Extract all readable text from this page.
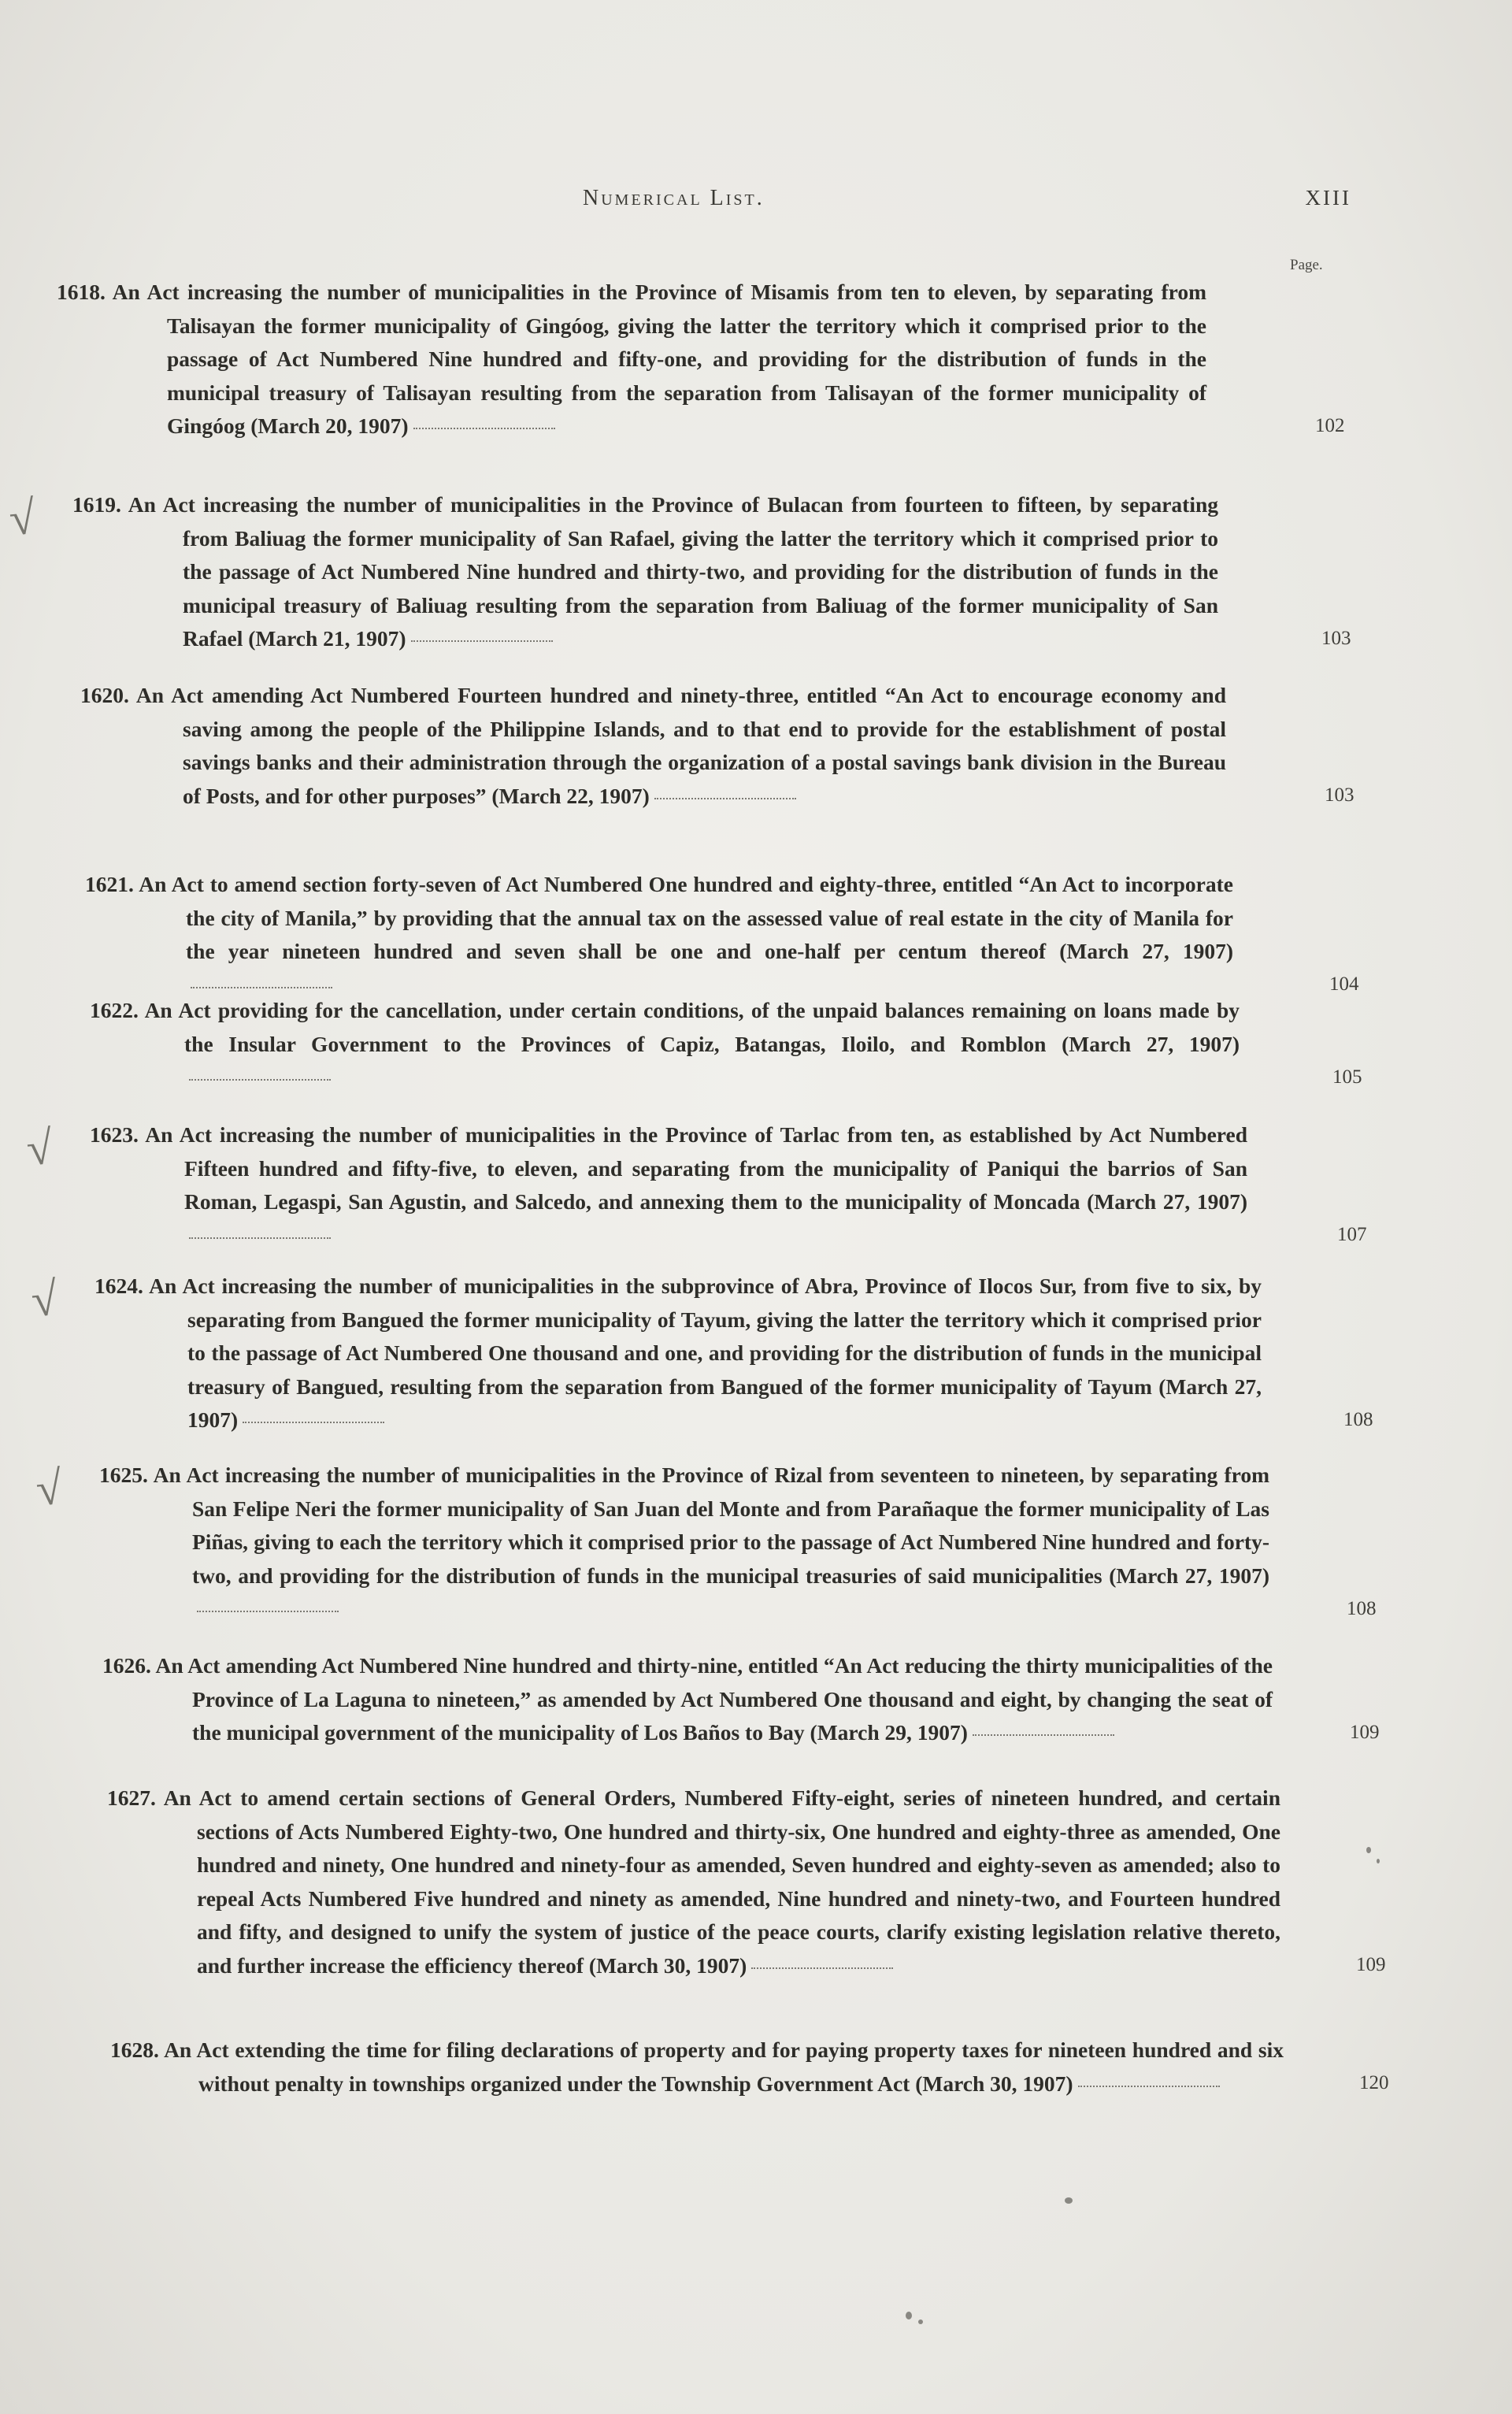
Numerical List.	XIII
Page.
1618. An Act increasing the number of municipalities in the Province of Misamis from ten to eleven, by separating from Talisayan the former municipality of Gingóog, giving the latter the territory which it comprised prior to the passage of Act Numbered Nine hundred and fifty-one, and providing for the distribution of funds in the municipal treasury of Talisayan resulting from the separation from Talisayan of the former municipality of Gingóog (March 20, 1907)	102
1619. An Act increasing the number of municipalities in the Province of Bulacan from fourteen to fifteen, by separating from Baliuag the former municipality of San Rafael, giving the latter the territory which it comprised prior to the passage of Act Numbered Nine hundred and thirty-two, and providing for the distribution of funds in the municipal treasury of Baliuag resulting from the separation from Baliuag of the former municipality of San Rafael (March 21, 1907)	103
√
1620. An Act amending Act Numbered Fourteen hundred and ninety-three, entitled “An Act to encourage economy and saving among the people of the Philippine Islands, and to that end to provide for the establishment of postal savings banks and their administration through the organization of a postal savings bank division in the Bureau of Posts, and for other purposes” (March 22, 1907)	103
1621. An Act to amend section forty-seven of Act Numbered One hundred and eighty-three, entitled “An Act to incorporate the city of Manila,” by providing that the annual tax on the assessed value of real estate in the city of Manila for the year nineteen hundred and seven shall be one and one-half per centum thereof (March 27, 1907)
104
1622. An Act providing for the cancellation, under certain conditions, of the unpaid balances remaining on loans made by the Insular Government to the Provinces of Capiz, Batangas, Iloilo, and Romblon (March 27, 1907)
105
1623. An Act increasing the number of municipalities in the Province of Tarlac from ten, as established by Act Numbered Fifteen hundred and fifty-five, to eleven, and separating from the municipality of Paniqui the barrios of San Roman, Legaspi, San Agustin, and Salcedo, and annexing them to the municipality of Moncada (March 27, 1907)
107
√
1624. An Act increasing the number of municipalities in the subprovince of Abra, Province of Ilocos Sur, from five to six, by separating from Bangued the former municipality of Tayum, giving the latter the territory which it comprised prior to the passage of Act Numbered One thousand and one, and providing for the distribution of funds in the municipal treasury of Bangued, resulting from the separation from Bangued of the former municipality of Tayum (March 27, 1907)	108
√
1625. An Act increasing the number of municipalities in the Province of Rizal from seventeen to nineteen, by separating from San Felipe Neri the former municipality of San Juan del Monte and from Parañaque the former municipality of Las Piñas, giving to each the territory which it comprised prior to the passage of Act Numbered Nine hundred and forty-two, and providing for the distribution of funds in the municipal treasuries of said municipalities (March 27, 1907)
108
√
1626. An Act amending Act Numbered Nine hundred and thirty-nine, entitled “An Act reducing the thirty municipalities of the Province of La Laguna to nineteen,” as amended by Act Numbered One thousand and eight, by changing the seat of the municipal government of the municipality of Los Baños to Bay (March 29, 1907)	109
1627. An Act to amend certain sections of General Orders, Numbered Fifty-eight, series of nineteen hundred, and certain sections of Acts Numbered Eighty-two, One hundred and thirty-six, One hundred and eighty-three as amended, One hundred and ninety, One hundred and ninety-four as amended, Seven hundred and eighty-seven as amended; also to repeal Acts Numbered Five hundred and ninety as amended, Nine hundred and ninety-two, and Fourteen hundred and fifty, and designed to unify the system of justice of the peace courts, clarify existing legislation relative thereto, and further increase the efficiency thereof (March 30, 1907)	109
1628. An Act extending the time for filing declarations of property and for paying property taxes for nineteen hundred and six without penalty in townships organized under the Township Government Act (March 30, 1907)	120
